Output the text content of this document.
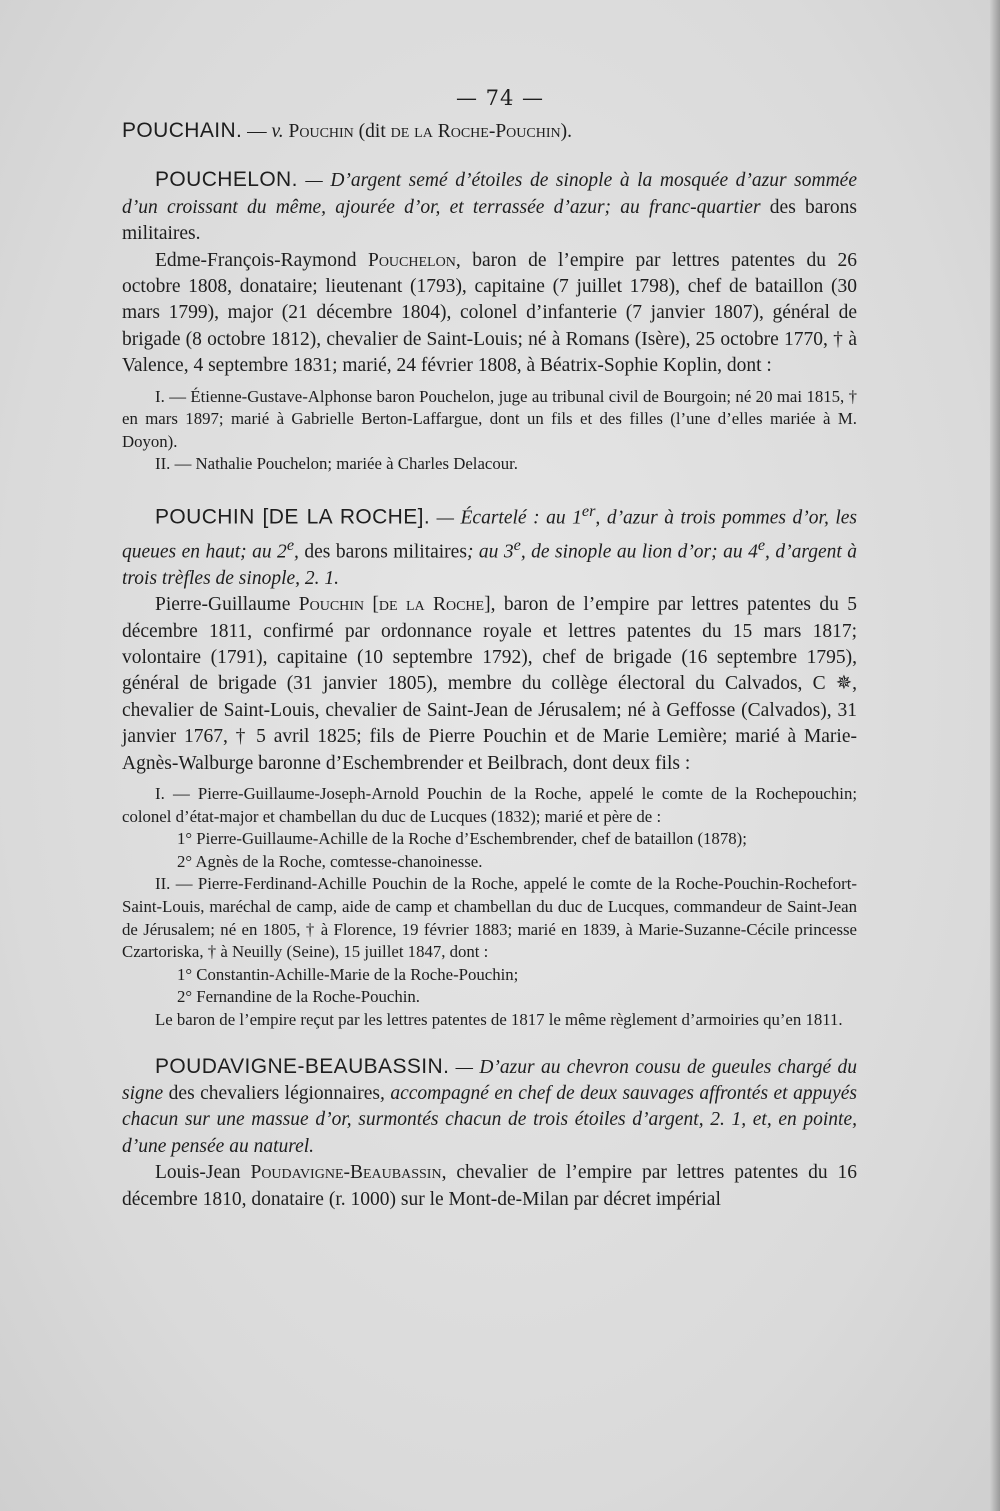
— 74 —

POUCHAIN. — v. Pouchin (dit de la Roche-Pouchin).

POUCHELON. — D’argent semé d’étoiles de sinople à la mosquée d’azur sommée d’un croissant du même, ajourée d’or, et terrassée d’azur; au franc-quartier des barons militaires.

Edme-François-Raymond Pouchelon, baron de l’empire par lettres patentes du 26 octobre 1808, donataire; lieutenant (1793), capitaine (7 juillet 1798), chef de bataillon (30 mars 1799), major (21 décembre 1804), colonel d’infanterie (7 janvier 1807), général de brigade (8 octobre 1812), chevalier de Saint-Louis; né à Romans (Isère), 25 octobre 1770, † à Valence, 4 septembre 1831; marié, 24 février 1808, à Béatrix-Sophie Koplin, dont :

I. — Étienne-Gustave-Alphonse baron Pouchelon, juge au tribunal civil de Bourgoin; né 20 mai 1815, † en mars 1897; marié à Gabrielle Berton-Laffargue, dont un fils et des filles (l’une d’elles mariée à M. Doyon).

II. — Nathalie Pouchelon; mariée à Charles Delacour.

POUCHIN [DE LA ROCHE]. — Écartelé : au 1er, d’azur à trois pommes d’or, les queues en haut; au 2e, des barons militaires; au 3e, de sinople au lion d’or; au 4e, d’argent à trois trèfles de sinople, 2. 1.

Pierre-Guillaume Pouchin [de la Roche], baron de l’empire par lettres patentes du 5 décembre 1811, confirmé par ordonnance royale et lettres patentes du 15 mars 1817; volontaire (1791), capitaine (10 septembre 1792), chef de brigade (16 septembre 1795), général de brigade (31 janvier 1805), membre du collège électoral du Calvados, C ✵, chevalier de Saint-Louis, chevalier de Saint-Jean de Jérusalem; né à Geffosse (Calvados), 31 janvier 1767, † 5 avril 1825; fils de Pierre Pouchin et de Marie Lemière; marié à Marie-Agnès-Walburge baronne d’Eschembrender et Beilbrach, dont deux fils :

I. — Pierre-Guillaume-Joseph-Arnold Pouchin de la Roche, appelé le comte de la Rochepouchin; colonel d’état-major et chambellan du duc de Lucques (1832); marié et père de :

1° Pierre-Guillaume-Achille de la Roche d’Eschembrender, chef de bataillon (1878);

2° Agnès de la Roche, comtesse-chanoinesse.

II. — Pierre-Ferdinand-Achille Pouchin de la Roche, appelé le comte de la Roche-Pouchin-Rochefort-Saint-Louis, maréchal de camp, aide de camp et chambellan du duc de Lucques, commandeur de Saint-Jean de Jérusalem; né en 1805, † à Florence, 19 février 1883; marié en 1839, à Marie-Suzanne-Cécile princesse Czartoriska, † à Neuilly (Seine), 15 juillet 1847, dont :

1° Constantin-Achille-Marie de la Roche-Pouchin;

2° Fernandine de la Roche-Pouchin.

Le baron de l’empire reçut par les lettres patentes de 1817 le même règlement d’armoiries qu’en 1811.

POUDAVIGNE-BEAUBASSIN. — D’azur au chevron cousu de gueules chargé du signe des chevaliers légionnaires, accompagné en chef de deux sauvages affrontés et appuyés chacun sur une massue d’or, surmontés chacun de trois étoiles d’argent, 2. 1, et, en pointe, d’une pensée au naturel.

Louis-Jean Poudavigne-Beaubassin, chevalier de l’empire par lettres patentes du 16 décembre 1810, donataire (r. 1000) sur le Mont-de-Milan par décret impérial
